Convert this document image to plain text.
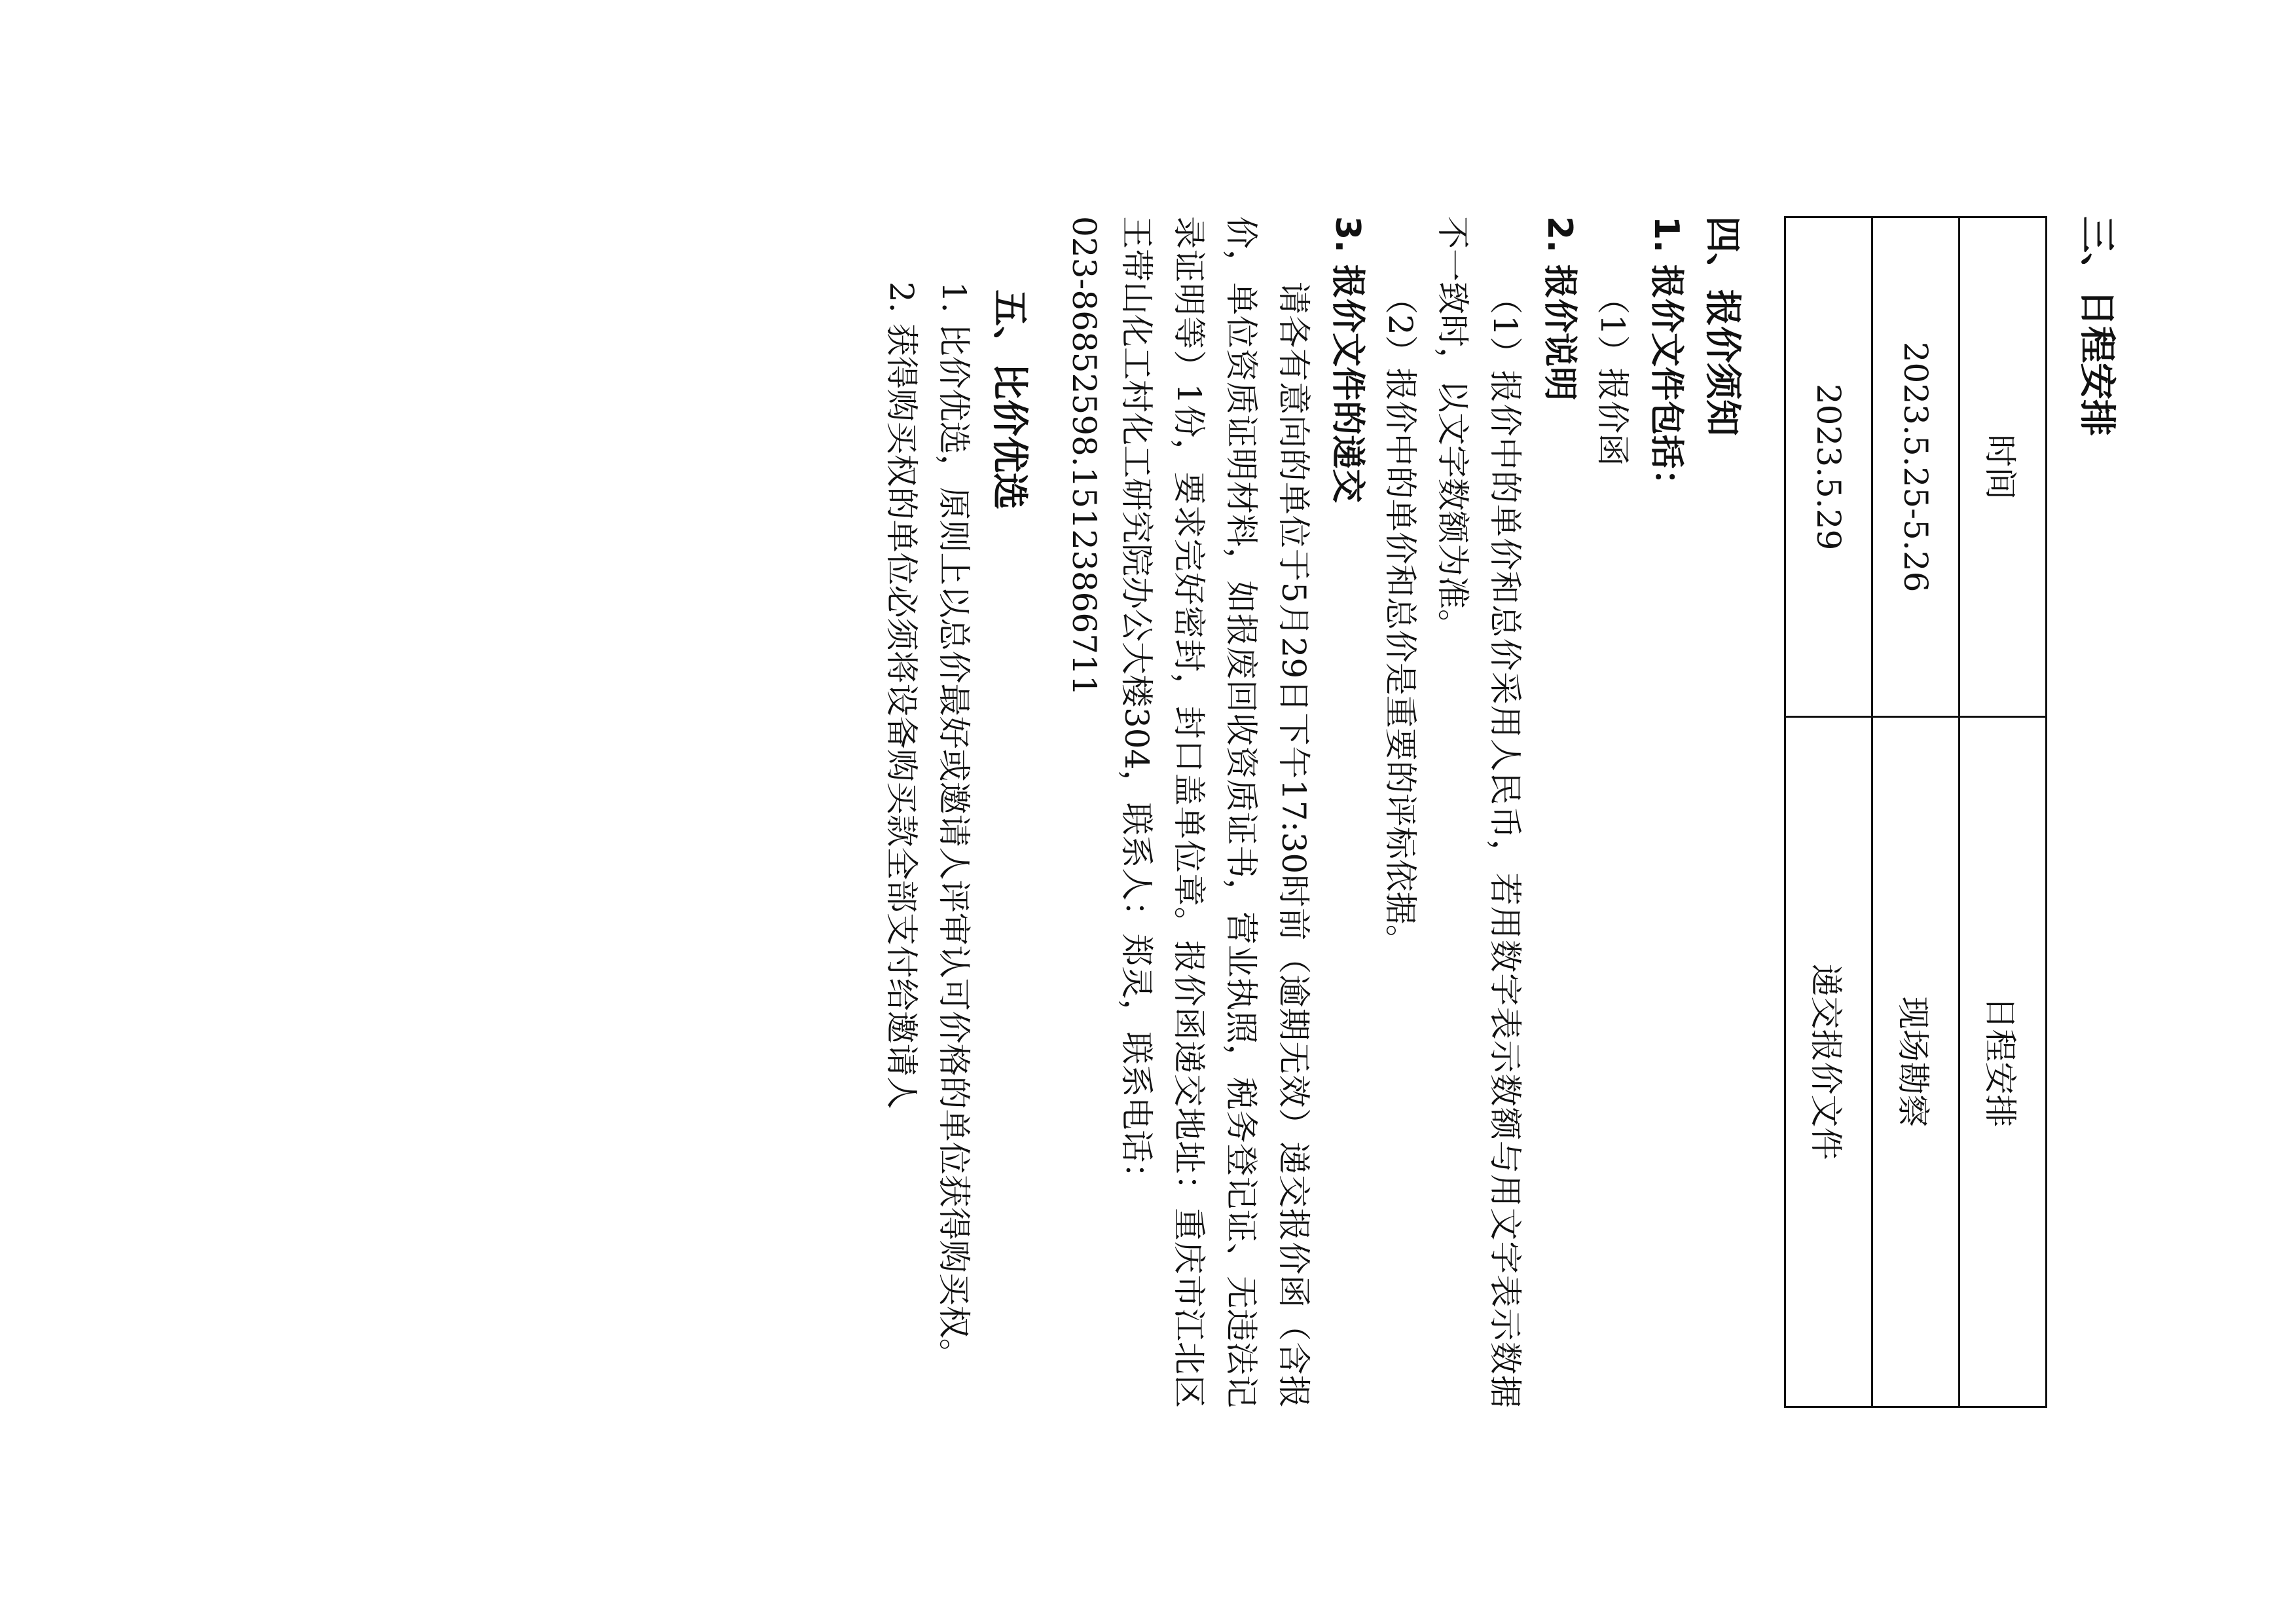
三、日程安排

时间	日程安排
2023.5.25-5.26	现场勘察
2023.5.29	递交报价文件

四、报价须知

1. 报价文件包括：

（1）报价函

2. 报价说明

（1）报价中的单价和总价采用人民币，若用数字表示数额与用文字表示数据不一致时，以文字数额为准。

（2）报价中的单价和总价是重要的评标依据。

3. 报价文件的递交

请各有意向的单位于5月29日下午17:30时前（逾期无效）递交报价函（含报价，单位资质证明材料，如报废回收资质证书，营业执照，税务登记证、无违法记录证明等）1份，要求完好密封，封口盖单位章。报价函递交地址：重庆市江北区王带山化工村化工研究院办公大楼304，联系人：郑灵，联系电话：

023-86852598.15123866711

五、比价优选

1. 比价优选，原则上以总价最好或邀请人评审认可价格的单位获得购买权。

2. 获得购买权的单位必须将设备购买款全部支付给邀请人
